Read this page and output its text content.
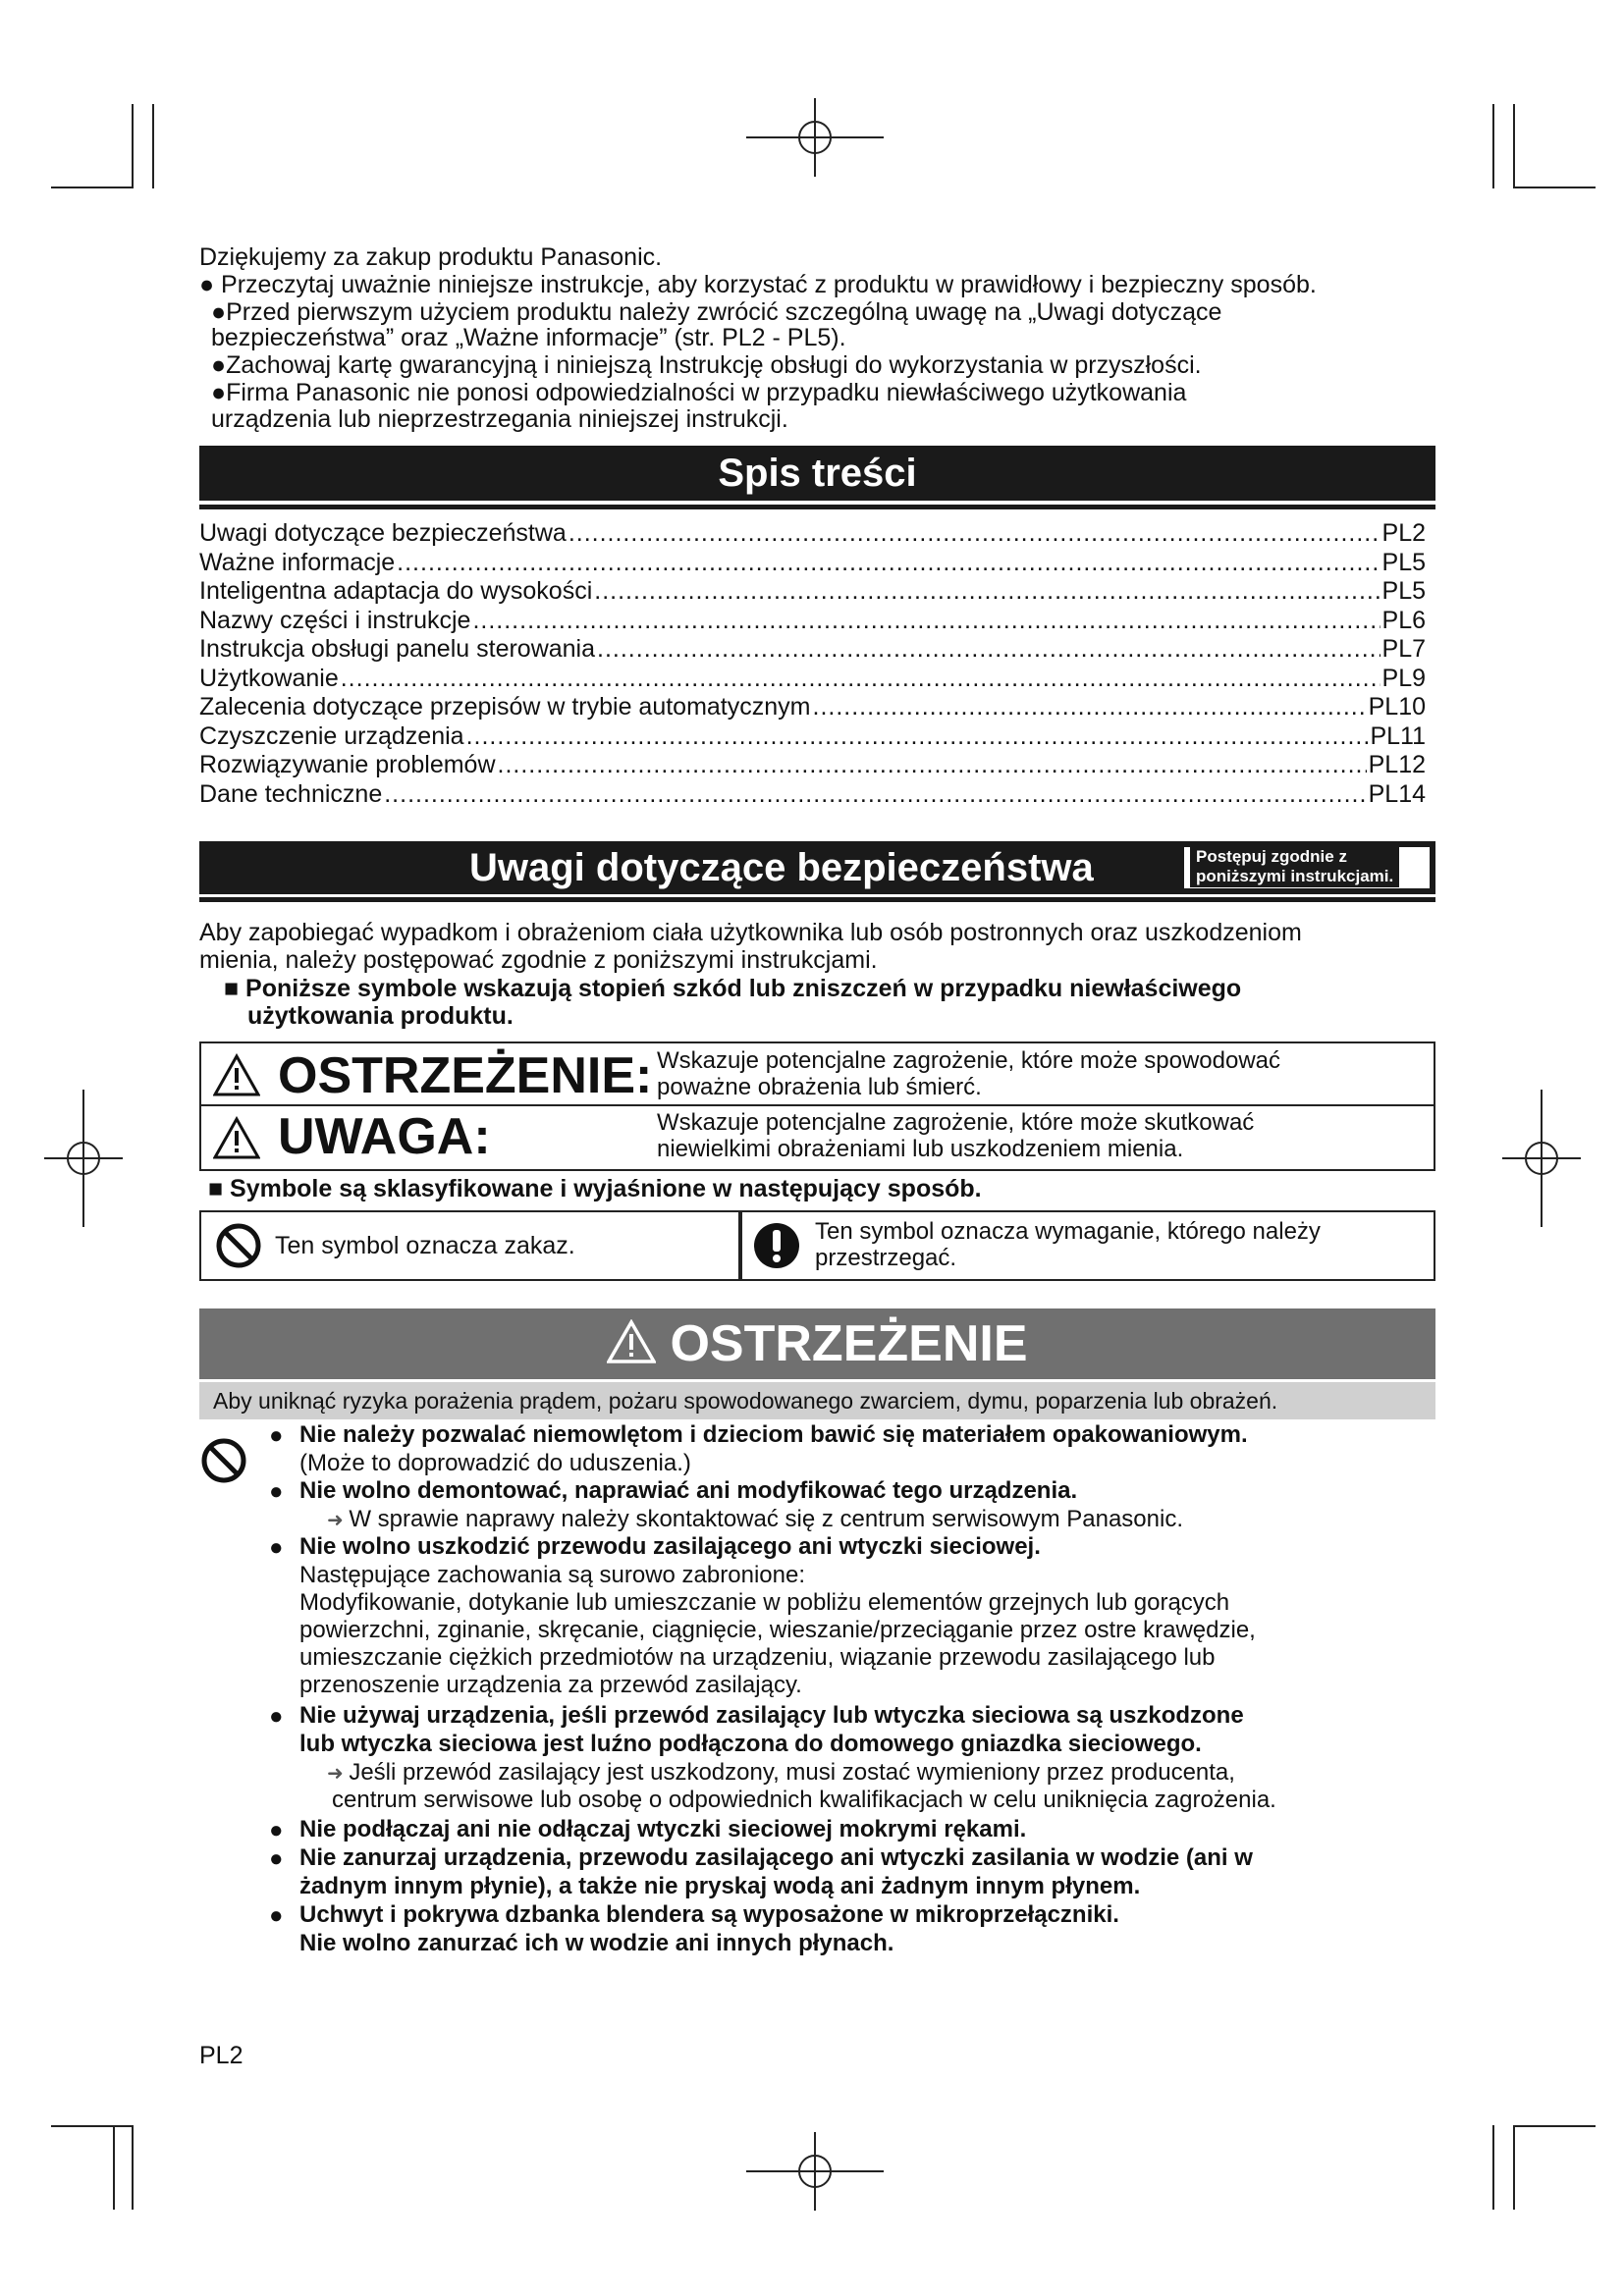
Dziękujemy za zakup produktu Panasonic.
● Przeczytaj uważnie niniejsze instrukcje, aby korzystać z produktu w prawidłowy i bezpieczny sposób.
●Przed pierwszym użyciem produktu należy zwrócić szczególną uwagę na „Uwagi dotyczące
bezpieczeństwa” oraz „Ważne informacje” (str. PL2 - PL5).
●Zachowaj kartę gwarancyjną i niniejszą Instrukcję obsługi do wykorzystania w przyszłości.
●Firma Panasonic nie ponosi odpowiedzialności w przypadku niewłaściwego użytkowania
urządzenia lub nieprzestrzegania niniejszej instrukcji.
Spis treści
Uwagi dotyczące bezpieczeństwa .....	PL2
Ważne informacje .....	PL5
Inteligentna adaptacja do wysokości .....	PL5
Nazwy części i instrukcje .....	PL6
Instrukcja obsługi panelu sterowania .....	PL7
Użytkowanie .....	PL9
Zalecenia dotyczące przepisów w trybie automatycznym .....	PL10
Czyszczenie urządzenia .....	PL11
Rozwiązywanie problemów .....	PL12
Dane techniczne .....	PL14
Uwagi dotyczące bezpieczeństwa	Postępuj zgodnie z
poniższymi instrukcjami.
Aby zapobiegać wypadkom i obrażeniom ciała użytkownika lub osób postronnych oraz uszkodzeniom
mienia, należy postępować zgodnie z poniższymi instrukcjami.
■ Poniższe symbole wskazują stopień szkód lub zniszczeń w przypadku niewłaściwego
użytkowania produktu.
OSTRZEŻENIE: Wskazuje potencjalne zagrożenie, które może spowodować
poważne obrażenia lub śmierć.
UWAGA:	Wskazuje potencjalne zagrożenie, które może skutkować
niewielkimi obrażeniami lub uszkodzeniem mienia.
■ Symbole są sklasyfikowane i wyjaśnione w następujący sposób.
Ten symbol oznacza zakaz.
Ten symbol oznacza wymaganie, którego należy
przestrzegać.
OSTRZEŻENIE
Aby uniknąć ryzyka porażenia prądem, pożaru spowodowanego zwarciem, dymu, poparzenia lub obrażeń.
● Nie należy pozwalać niemowlętom i dzieciom bawić się materiałem opakowaniowym.
(Może to doprowadzić do uduszenia.)
● Nie wolno demontować, naprawiać ani modyfikować tego urządzenia.
➜ W sprawie naprawy należy skontaktować się z centrum serwisowym Panasonic.
● Nie wolno uszkodzić przewodu zasilającego ani wtyczki sieciowej.
Następujące zachowania są surowo zabronione:
Modyfikowanie, dotykanie lub umieszczanie w pobliżu elementów grzejnych lub gorących
powierzchni, zginanie, skręcanie, ciągnięcie, wieszanie/przeciąganie przez ostre krawędzie,
umieszczanie ciężkich przedmiotów na urządzeniu, wiązanie przewodu zasilającego lub
przenoszenie urządzenia za przewód zasilający.
● Nie używaj urządzenia, jeśli przewód zasilający lub wtyczka sieciowa są uszkodzone
lub wtyczka sieciowa jest luźno podłączona do domowego gniazdka sieciowego.
➜ Jeśli przewód zasilający jest uszkodzony, musi zostać wymieniony przez producenta,
centrum serwisowe lub osobę o odpowiednich kwalifikacjach w celu uniknięcia zagrożenia.
● Nie podłączaj ani nie odłączaj wtyczki sieciowej mokrymi rękami.
● Nie zanurzaj urządzenia, przewodu zasilającego ani wtyczki zasilania w wodzie (ani w
żadnym innym płynie), a także nie pryskaj wodą ani żadnym innym płynem.
● Uchwyt i pokrywa dzbanka blendera są wyposażone w mikroprzełączniki.
Nie wolno zanurzać ich w wodzie ani innych płynach.
PL2
